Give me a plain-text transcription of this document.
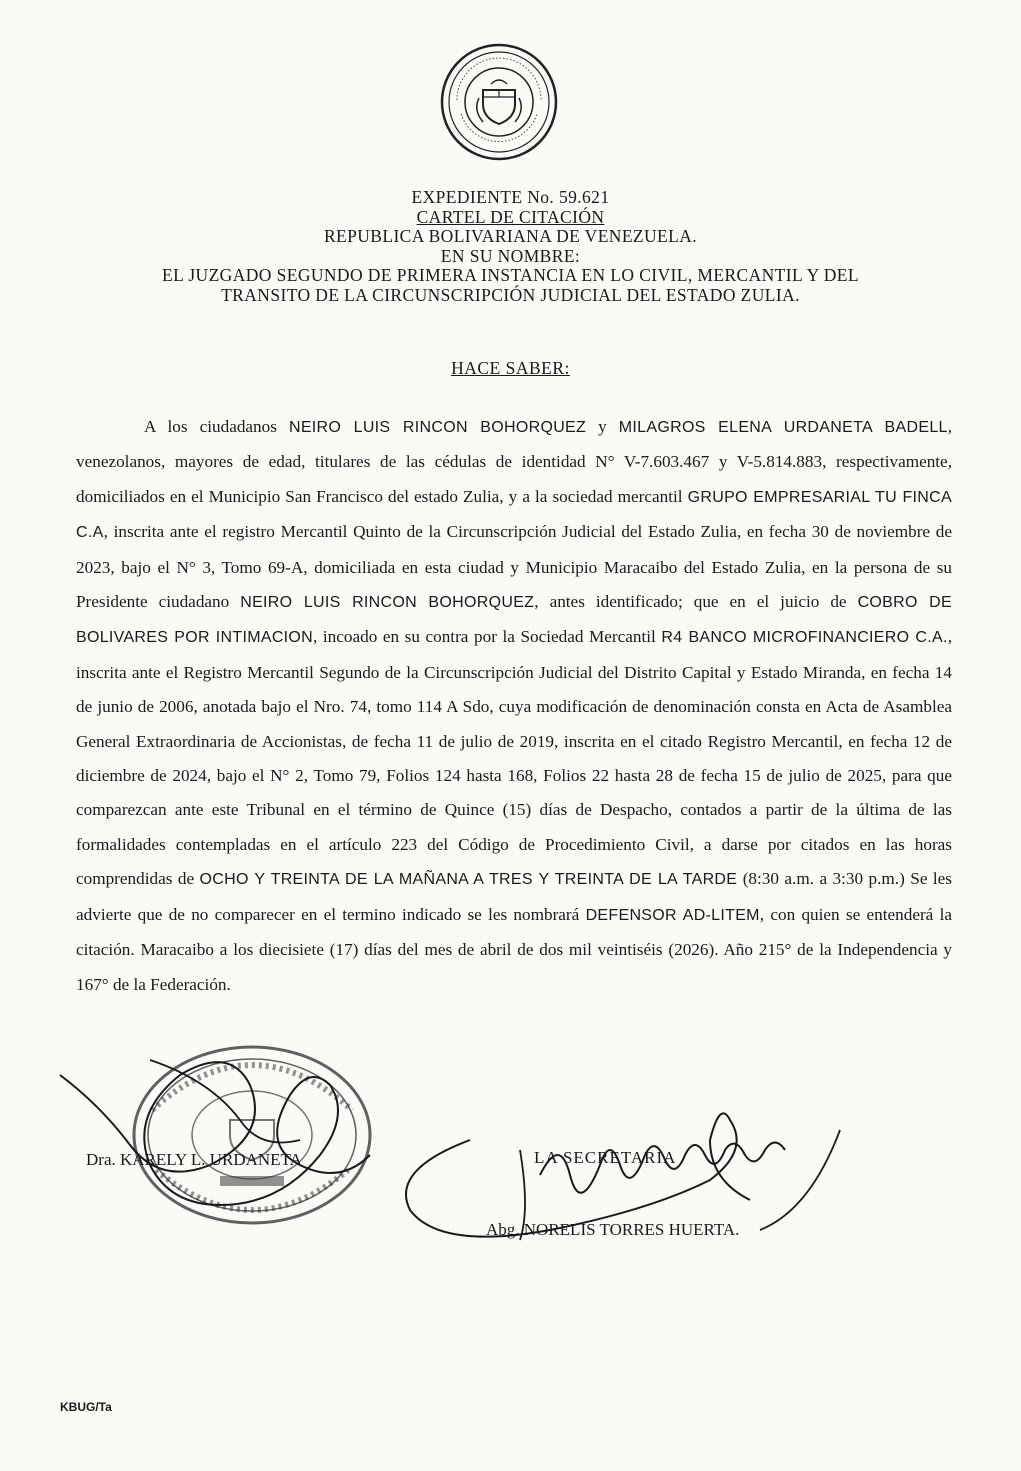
EXPEDIENTE No. 59.621
CARTEL DE CITACIÓN
REPUBLICA BOLIVARIANA DE VENEZUELA.
EN SU NOMBRE:
EL JUZGADO SEGUNDO DE PRIMERA INSTANCIA EN LO CIVIL, MERCANTIL Y DEL
TRANSITO DE LA CIRCUNSCRIPCIÓN JUDICIAL DEL ESTADO ZULIA.
HACE SABER:
A los ciudadanos NEIRO LUIS RINCON BOHORQUEZ y MILAGROS ELENA URDANETA BADELL, venezolanos, mayores de edad, titulares de las cédulas de identidad N° V-7.603.467 y V-5.814.883, respectivamente, domiciliados en el Municipio San Francisco del estado Zulia, y a la sociedad mercantil GRUPO EMPRESARIAL TU FINCA C.A, inscrita ante el registro Mercantil Quinto de la Circunscripción Judicial del Estado Zulia, en fecha 30 de noviembre de 2023, bajo el N° 3, Tomo 69-A, domiciliada en esta ciudad y Municipio Maracaibo del Estado Zulia, en la persona de su Presidente ciudadano NEIRO LUIS RINCON BOHORQUEZ, antes identificado; que en el juicio de COBRO DE BOLIVARES POR INTIMACION, incoado en su contra por la Sociedad Mercantil R4 BANCO MICROFINANCIERO C.A., inscrita ante el Registro Mercantil Segundo de la Circunscripción Judicial del Distrito Capital y Estado Miranda, en fecha 14 de junio de 2006, anotada bajo el Nro. 74, tomo 114 A Sdo, cuya modificación de denominación consta en Acta de Asamblea General Extraordinaria de Accionistas, de fecha 11 de julio de 2019, inscrita en el citado Registro Mercantil, en fecha 12 de diciembre de 2024, bajo el N° 2, Tomo 79, Folios 124 hasta 168, Folios 22 hasta 28 de fecha 15 de julio de 2025, para que comparezcan ante este Tribunal en el término de Quince (15) días de Despacho, contados a partir de la última de las formalidades contempladas en el artículo 223 del Código de Procedimiento Civil, a darse por citados en las horas comprendidas de OCHO Y TREINTA DE LA MAÑANA A TRES Y TREINTA DE LA TARDE (8:30 a.m. a 3:30 p.m.) Se les advierte que de no comparecer en el termino indicado se les nombrará DEFENSOR AD-LITEM, con quien se entenderá la citación. Maracaibo a los diecisiete (17) días del mes de abril de dos mil veintiséis (2026). Año 215° de la Independencia y 167° de la Federación.
Dra. KARELY L. URDANETA	LA SECRETARIA
Abg. NORELIS TORRES HUERTA.
KBUG/Ta
